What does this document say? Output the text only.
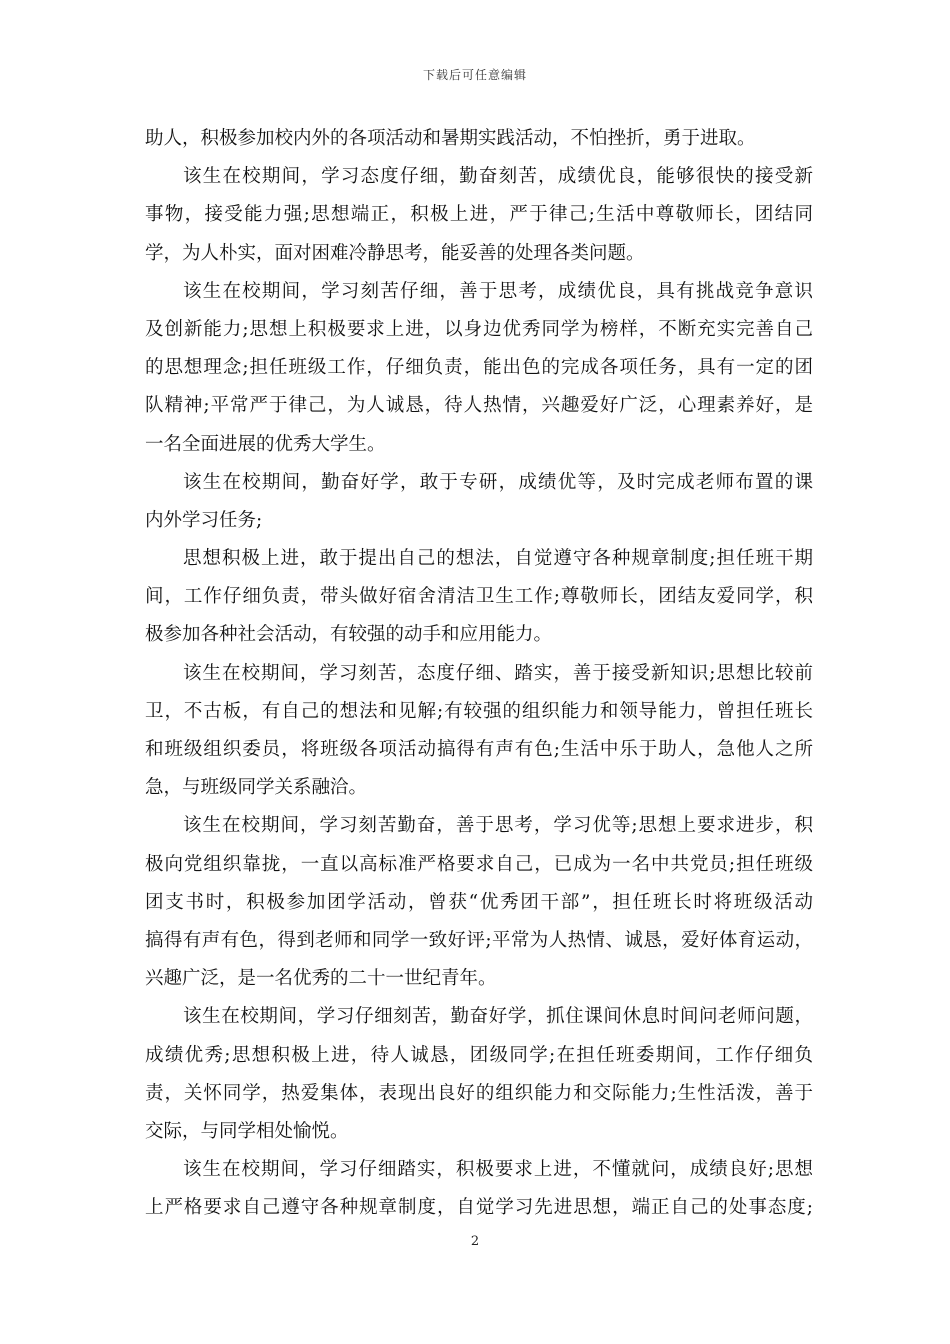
下载后可任意编辑
助人，积极参加校内外的各项活动和暑期实践活动，不怕挫折，勇于进取。
该生在校期间，学习态度仔细，勤奋刻苦，成绩优良，能够很快的接受新
事物，接受能力强;思想端正，积极上进，严于律己;生活中尊敬师长，团结同
学，为人朴实，面对困难冷静思考，能妥善的处理各类问题。
该生在校期间，学习刻苦仔细，善于思考，成绩优良，具有挑战竞争意识
及创新能力;思想上积极要求上进，以身边优秀同学为榜样，不断充实完善自己
的思想理念;担任班级工作，仔细负责，能出色的完成各项任务，具有一定的团
队精神;平常严于律己，为人诚恳，待人热情，兴趣爱好广泛，心理素养好，是
一名全面进展的优秀大学生。
该生在校期间，勤奋好学，敢于专研，成绩优等，及时完成老师布置的课
内外学习任务;
思想积极上进，敢于提出自己的想法，自觉遵守各种规章制度;担任班干期
间，工作仔细负责，带头做好宿舍清洁卫生工作;尊敬师长，团结友爱同学，积
极参加各种社会活动，有较强的动手和应用能力。
该生在校期间，学习刻苦，态度仔细、踏实，善于接受新知识;思想比较前
卫，不古板，有自己的想法和见解;有较强的组织能力和领导能力，曾担任班长
和班级组织委员，将班级各项活动搞得有声有色;生活中乐于助人，急他人之所
急，与班级同学关系融洽。
该生在校期间，学习刻苦勤奋，善于思考，学习优等;思想上要求进步，积
极向党组织靠拢，一直以高标准严格要求自己，已成为一名中共党员;担任班级
团支书时，积极参加团学活动，曾获“优秀团干部”，担任班长时将班级活动
搞得有声有色，得到老师和同学一致好评;平常为人热情、诚恳，爱好体育运动，
兴趣广泛，是一名优秀的二十一世纪青年。
该生在校期间，学习仔细刻苦，勤奋好学，抓住课间休息时间问老师问题，
成绩优秀;思想积极上进，待人诚恳，团级同学;在担任班委期间，工作仔细负
责，关怀同学，热爱集体，表现出良好的组织能力和交际能力;生性活泼，善于
交际，与同学相处愉悦。
该生在校期间，学习仔细踏实，积极要求上进，不懂就问，成绩良好;思想
上严格要求自己遵守各种规章制度，自觉学习先进思想，端正自己的处事态度;
2
